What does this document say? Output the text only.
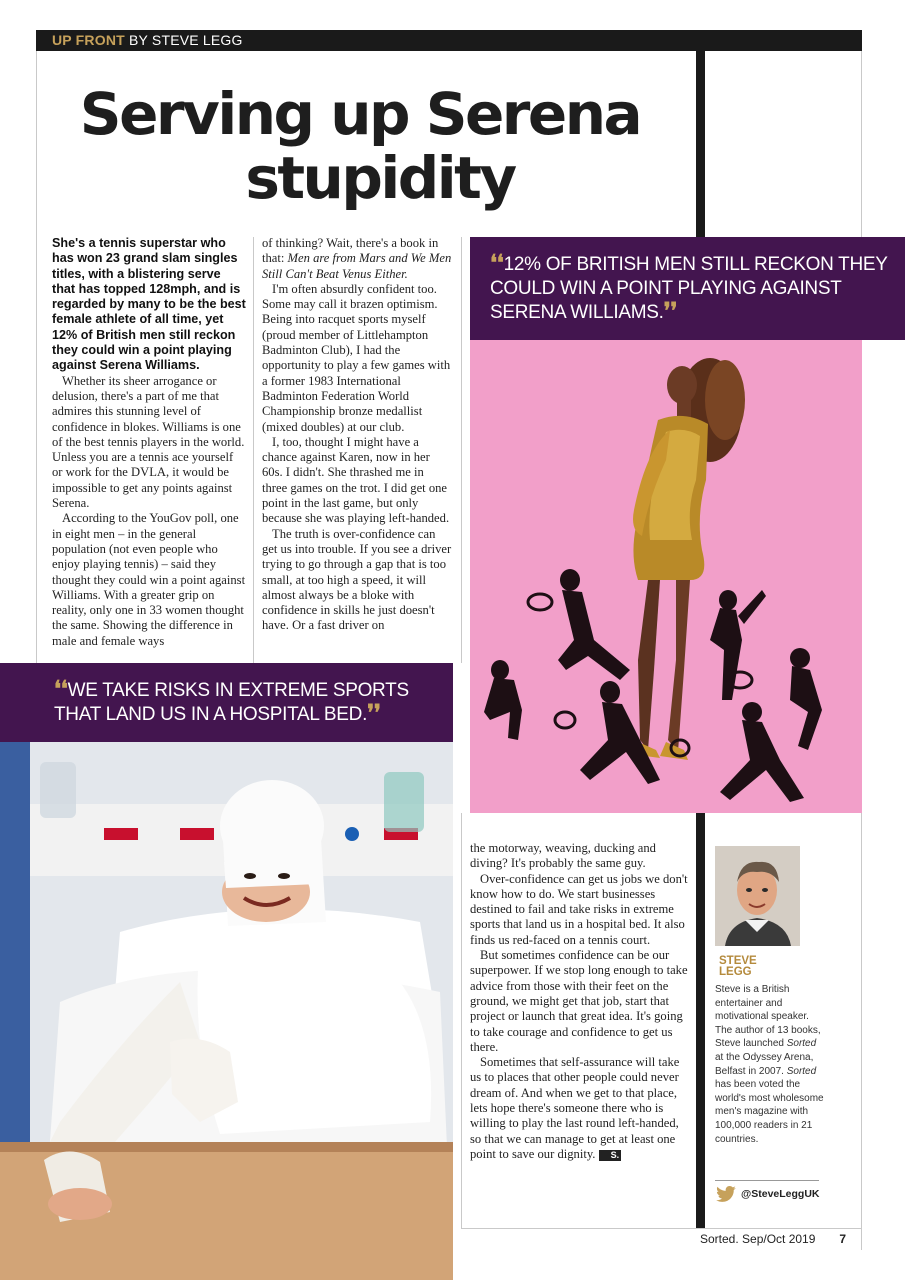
UP FRONT BY STEVE LEGG
Serving up Serena
stupidity

She's a tennis superstar who has won 23 grand slam singles titles, with a blistering serve that has topped 128mph, and is regarded by many to be the best female athlete of all time, yet 12% of British men still reckon they could win a point playing against Serena Williams.

Whether its sheer arrogance or delusion, there's a part of me that admires this stunning level of confidence in blokes. Williams is one of the best tennis players in the world. Unless you are a tennis ace yourself or work for the DVLA, it would be impossible to get any points against Serena.

According to the YouGov poll, one in eight men – in the general population (not even people who enjoy playing tennis) – said they thought they could win a point against Williams. With a greater grip on reality, only one in 33 women thought the same. Showing the difference in male and female ways

of thinking? Wait, there's a book in that: Men are from Mars and We Men Still Can't Beat Venus Either.

I'm often absurdly confident too. Some may call it brazen optimism. Being into racquet sports myself (proud member of Littlehampton Badminton Club), I had the opportunity to play a few games with a former 1983 International Badminton Federation World Championship bronze medallist (mixed doubles) at our club.

I, too, thought I might have a chance against Karen, now in her 60s. I didn't. She thrashed me in three games on the trot. I did get one point in the last game, but only because she was playing left-handed.

The truth is over-confidence can get us into trouble. If you see a driver trying to go through a gap that is too small, at too high a speed, it will almost always be a bloke with confidence in skills he just doesn't have. Or a fast driver on

❛❛12% OF BRITISH MEN STILL RECKON THEY COULD WIN A POINT PLAYING AGAINST SERENA WILLIAMS.❜❜
❛❛WE TAKE RISKS IN EXTREME SPORTS THAT LAND US IN A HOSPITAL BED.❜❜

the motorway, weaving, ducking and diving? It's probably the same guy.

Over-confidence can get us jobs we don't know how to do. We start businesses destined to fail and take risks in extreme sports that land us in a hospital bed. It also finds us red-faced on a tennis court.

But sometimes confidence can be our superpower. If we stop long enough to take advice from those with their feet on the ground, we might get that job, start that project or launch that great idea. It's going to take courage and confidence to get us there.

Sometimes that self-assurance will take us to places that other people could never dream of. And when we get to that place, lets hope there's someone there who is willing to play the last round left-handed, so that we can manage to get at least one point to save our dignity. S.

STEVE
LEGG
Steve is a British entertainer and motivational speaker. The author of 13 books, Steve launched Sorted at the Odyssey Arena, Belfast in 2007. Sorted has been voted the world's most wholesome men's magazine with 100,000 readers in 21 countries.
@SteveLeggUK
Sorted. Sep/Oct 2019 7
